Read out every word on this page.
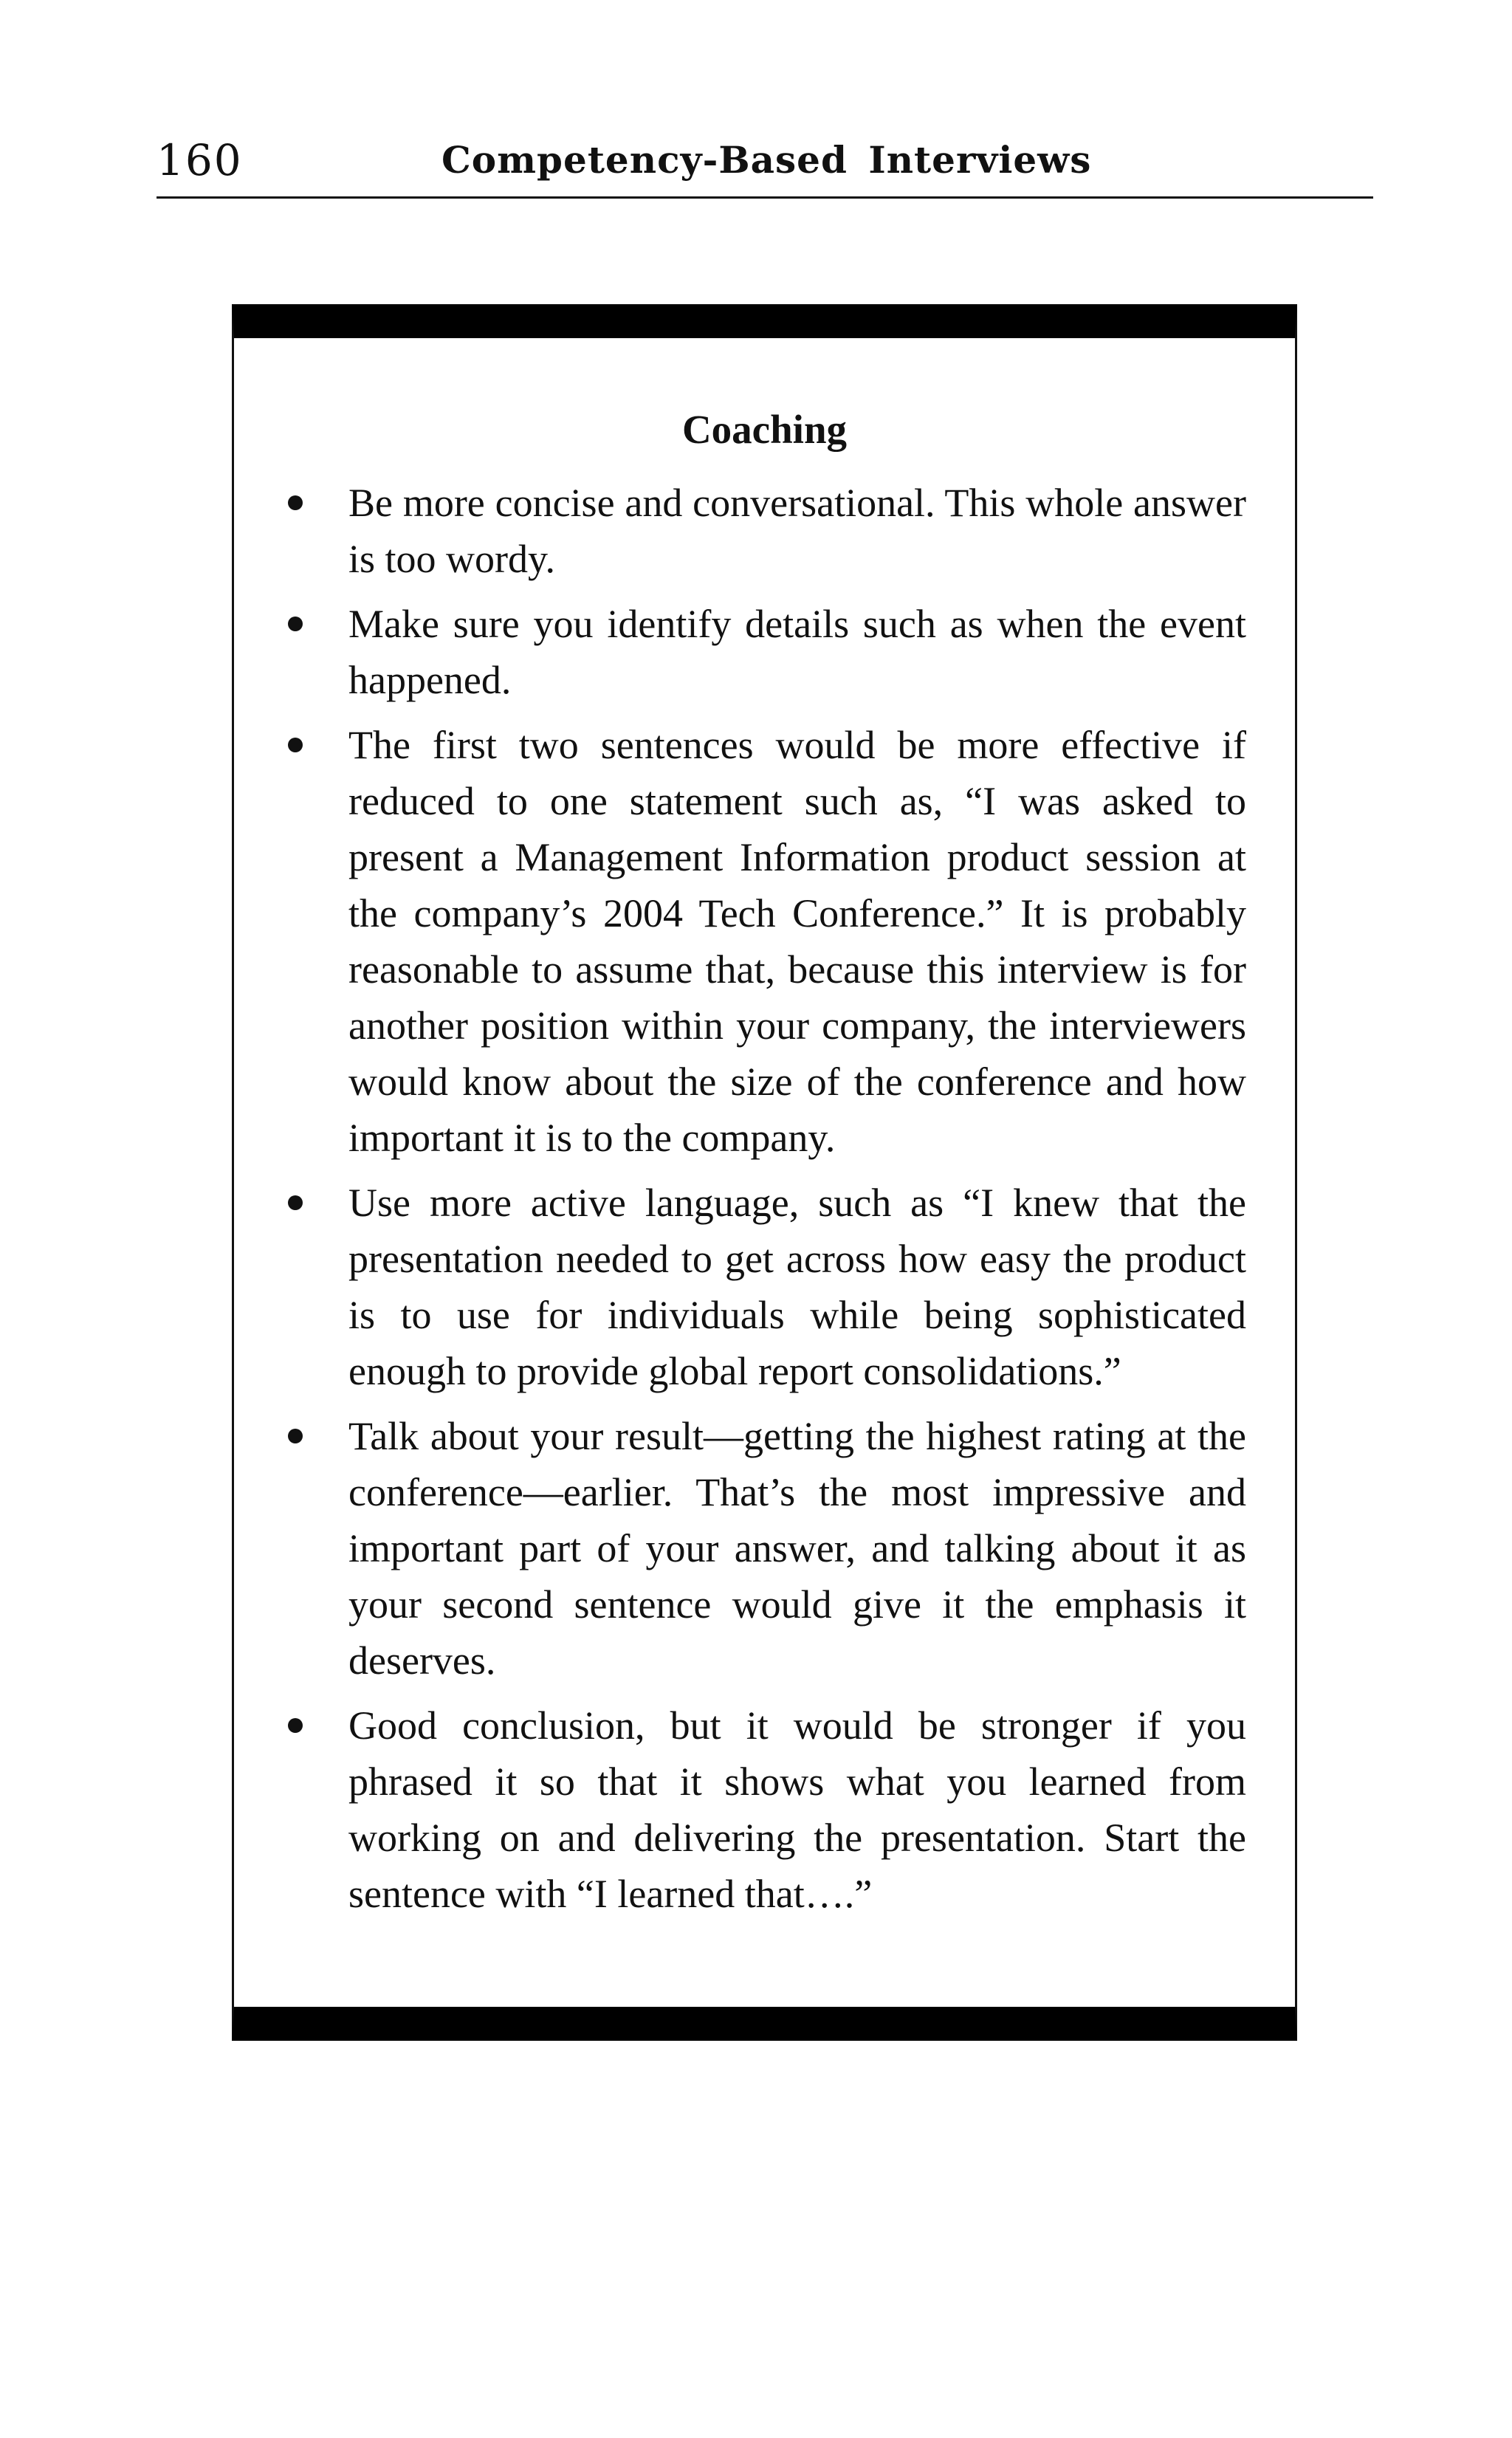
160	Competency-Based Interviews
Coaching
Be more concise and conversational. This whole answer is too wordy.
Make sure you identify details such as when the event happened.
The first two sentences would be more effective if reduced to one statement such as, “I was asked to present a Management Information product session at the company’s 2004 Tech Conference.” It is probably reasonable to assume that, because this interview is for another position within your company, the interviewers would know about the size of the conference and how important it is to the company.
Use more active language, such as “I knew that the presentation needed to get across how easy the product is to use for individuals while being sophisticated enough to provide global report consolidations.”
Talk about your result—getting the highest rating at the conference—earlier. That’s the most impressive and important part of your answer, and talking about it as your second sentence would give it the emphasis it deserves.
Good conclusion, but it would be stronger if you phrased it so that it shows what you learned from working on and delivering the presentation. Start the sentence with “I learned that….”
